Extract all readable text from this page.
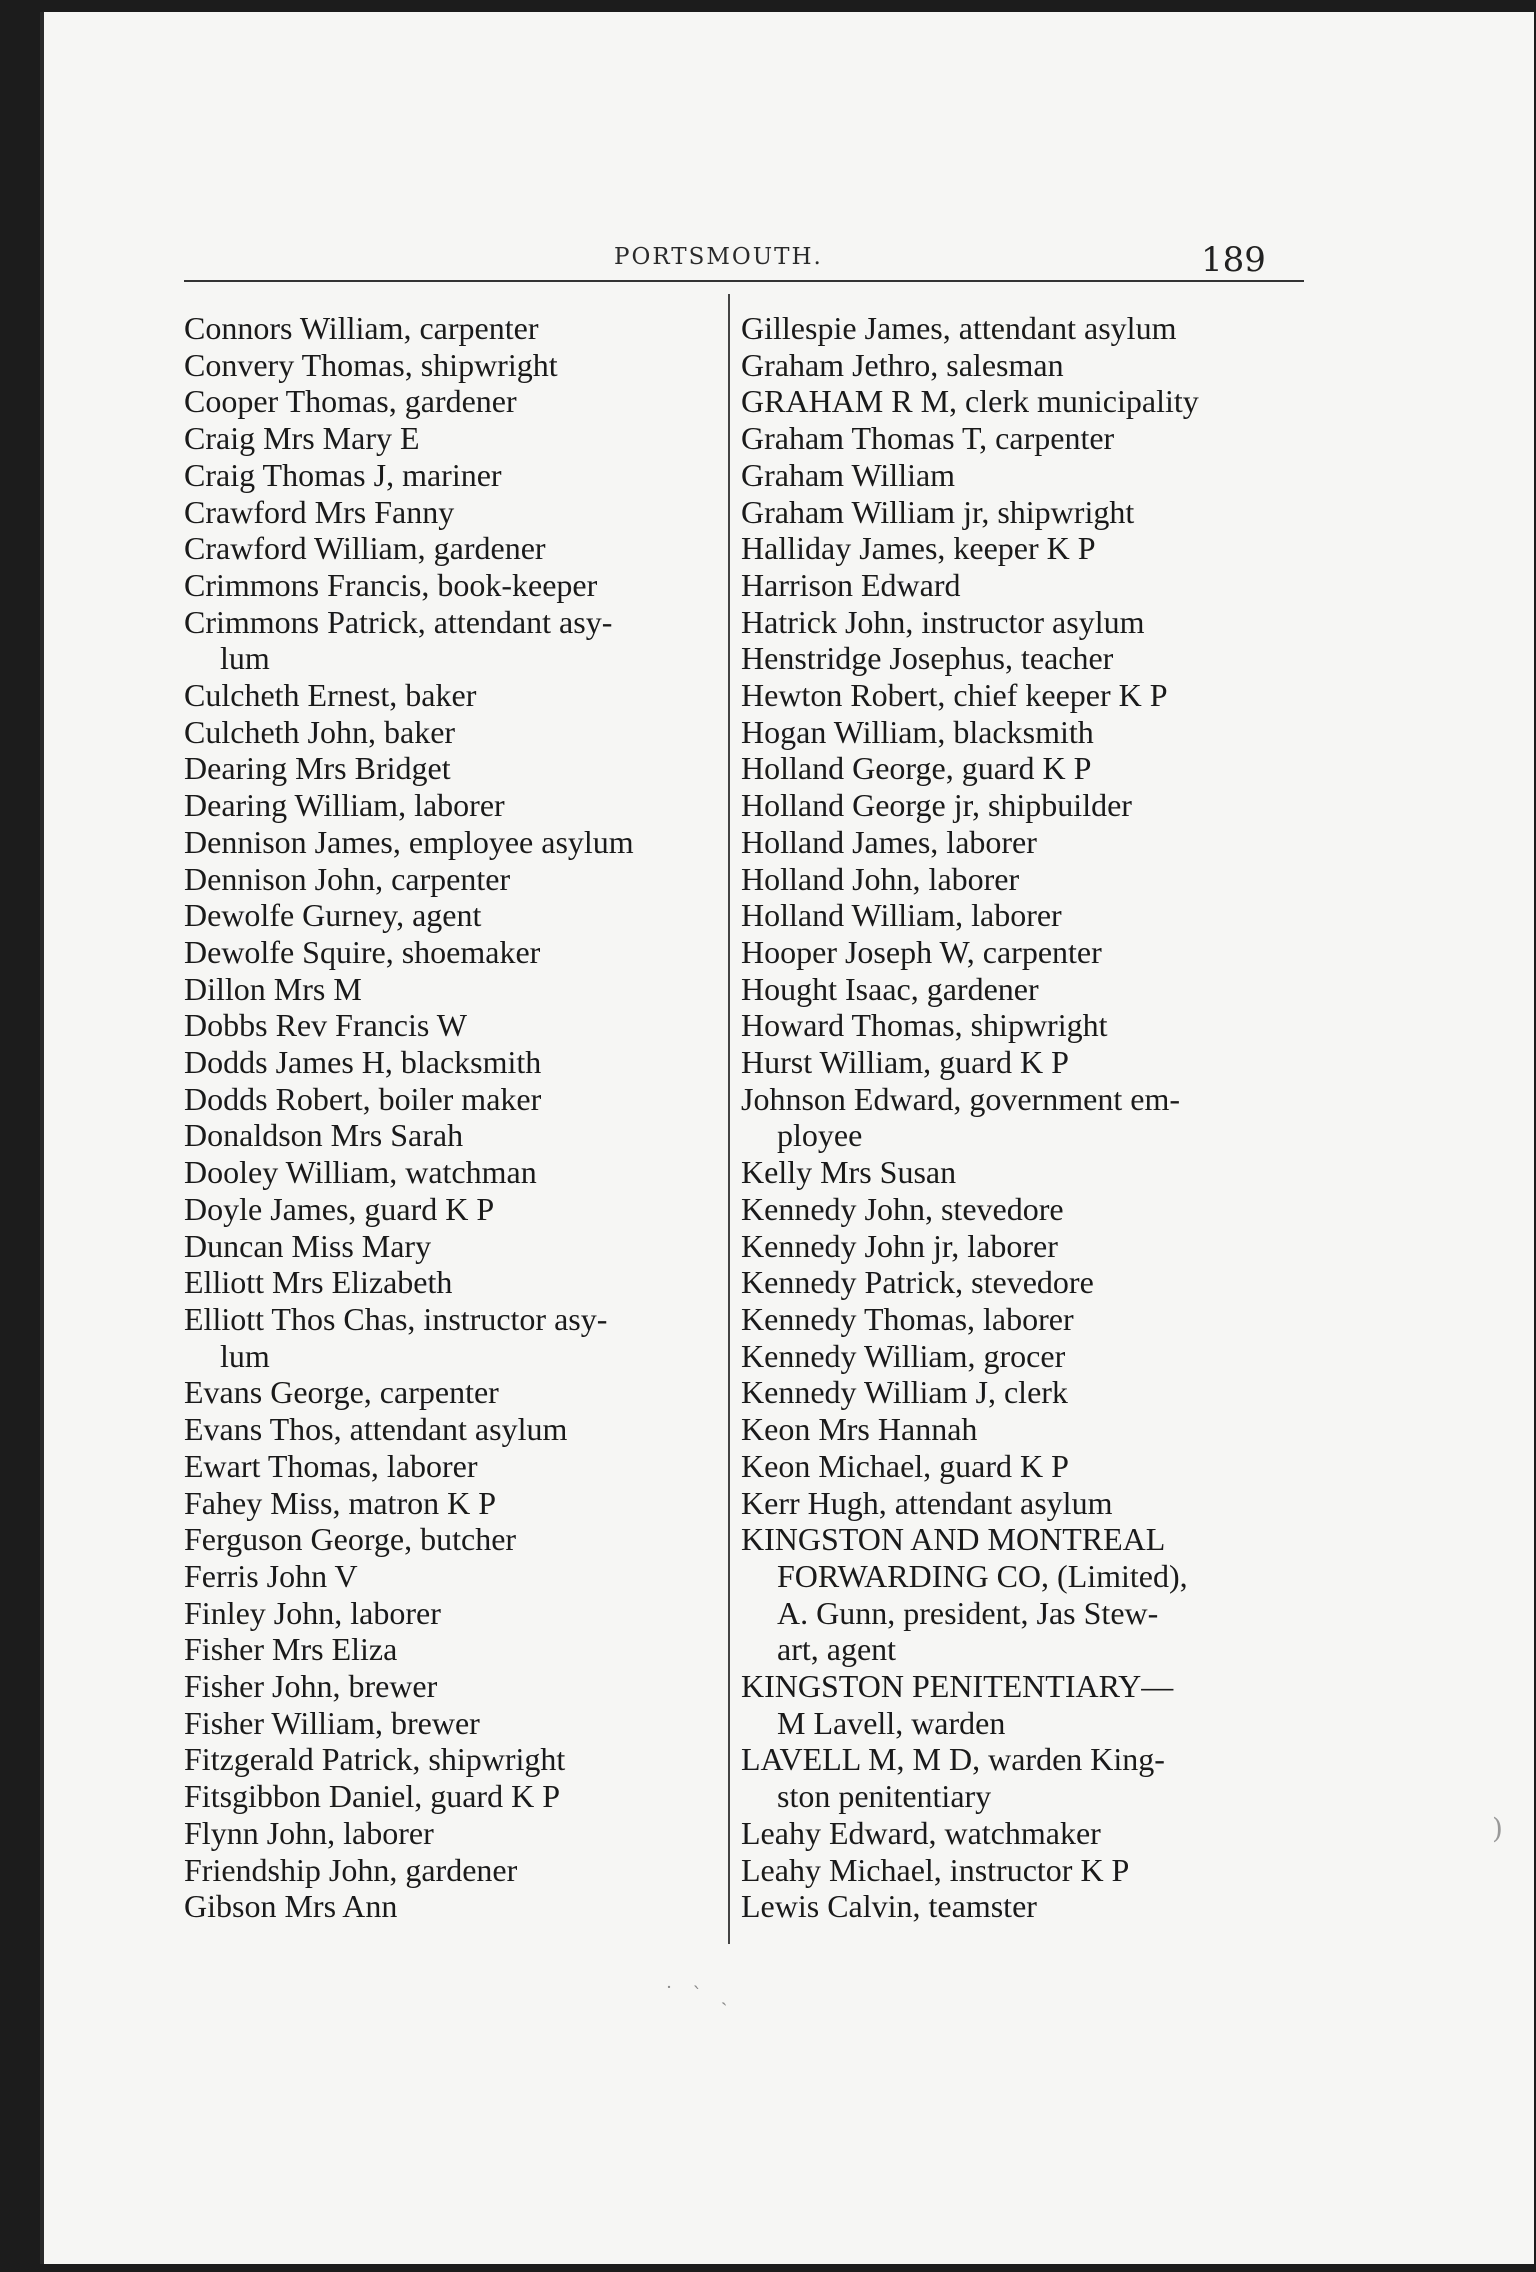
PORTSMOUTH.	189
Connors William, carpenter
Convery Thomas, shipwright
Cooper Thomas, gardener
Craig Mrs Mary E
Craig Thomas J, mariner
Crawford Mrs Fanny
Crawford William, gardener
Crimmons Francis, book-keeper
Crimmons Patrick, attendant asy-
lum
Culcheth Ernest, baker
Culcheth John, baker
Dearing Mrs Bridget
Dearing William, laborer
Dennison James, employee asylum
Dennison John, carpenter
Dewolfe Gurney, agent
Dewolfe Squire, shoemaker
Dillon Mrs M
Dobbs Rev Francis W
Dodds James H, blacksmith
Dodds Robert, boiler maker
Donaldson Mrs Sarah
Dooley William, watchman
Doyle James, guard K P
Duncan Miss Mary
Elliott Mrs Elizabeth
Elliott Thos Chas, instructor asy-
lum
Evans George, carpenter
Evans Thos, attendant asylum
Ewart Thomas, laborer
Fahey Miss, matron K P
Ferguson George, butcher
Ferris John V
Finley John, laborer
Fisher Mrs Eliza
Fisher John, brewer
Fisher William, brewer
Fitzgerald Patrick, shipwright
Fitsgibbon Daniel, guard K P
Flynn John, laborer
Friendship John, gardener
Gibson Mrs Ann
Gillespie James, attendant asylum
Graham Jethro, salesman
GRAHAM R M, clerk municipality
Graham Thomas T, carpenter
Graham William
Graham William jr, shipwright
Halliday James, keeper K P
Harrison Edward
Hatrick John, instructor asylum
Henstridge Josephus, teacher
Hewton Robert, chief keeper K P
Hogan William, blacksmith
Holland George, guard K P
Holland George jr, shipbuilder
Holland James, laborer
Holland John, laborer
Holland William, laborer
Hooper Joseph W, carpenter
Hought Isaac, gardener
Howard Thomas, shipwright
Hurst William, guard K P
Johnson Edward, government em-
ployee
Kelly Mrs Susan
Kennedy John, stevedore
Kennedy John jr, laborer
Kennedy Patrick, stevedore
Kennedy Thomas, laborer
Kennedy William, grocer
Kennedy William J, clerk
Keon Mrs Hannah
Keon Michael, guard K P
Kerr Hugh, attendant asylum
KINGSTON AND MONTREAL
FORWARDING CO, (Limited),
A. Gunn, president, Jas Stew-
art, agent
KINGSTON PENITENTIARY—
M Lavell, warden
LAVELL M, M D, warden King-
ston penitentiary
Leahy Edward, watchmaker
Leahy Michael, instructor K P
Lewis Calvin, teamster
˙ ˋ ˏ
)
